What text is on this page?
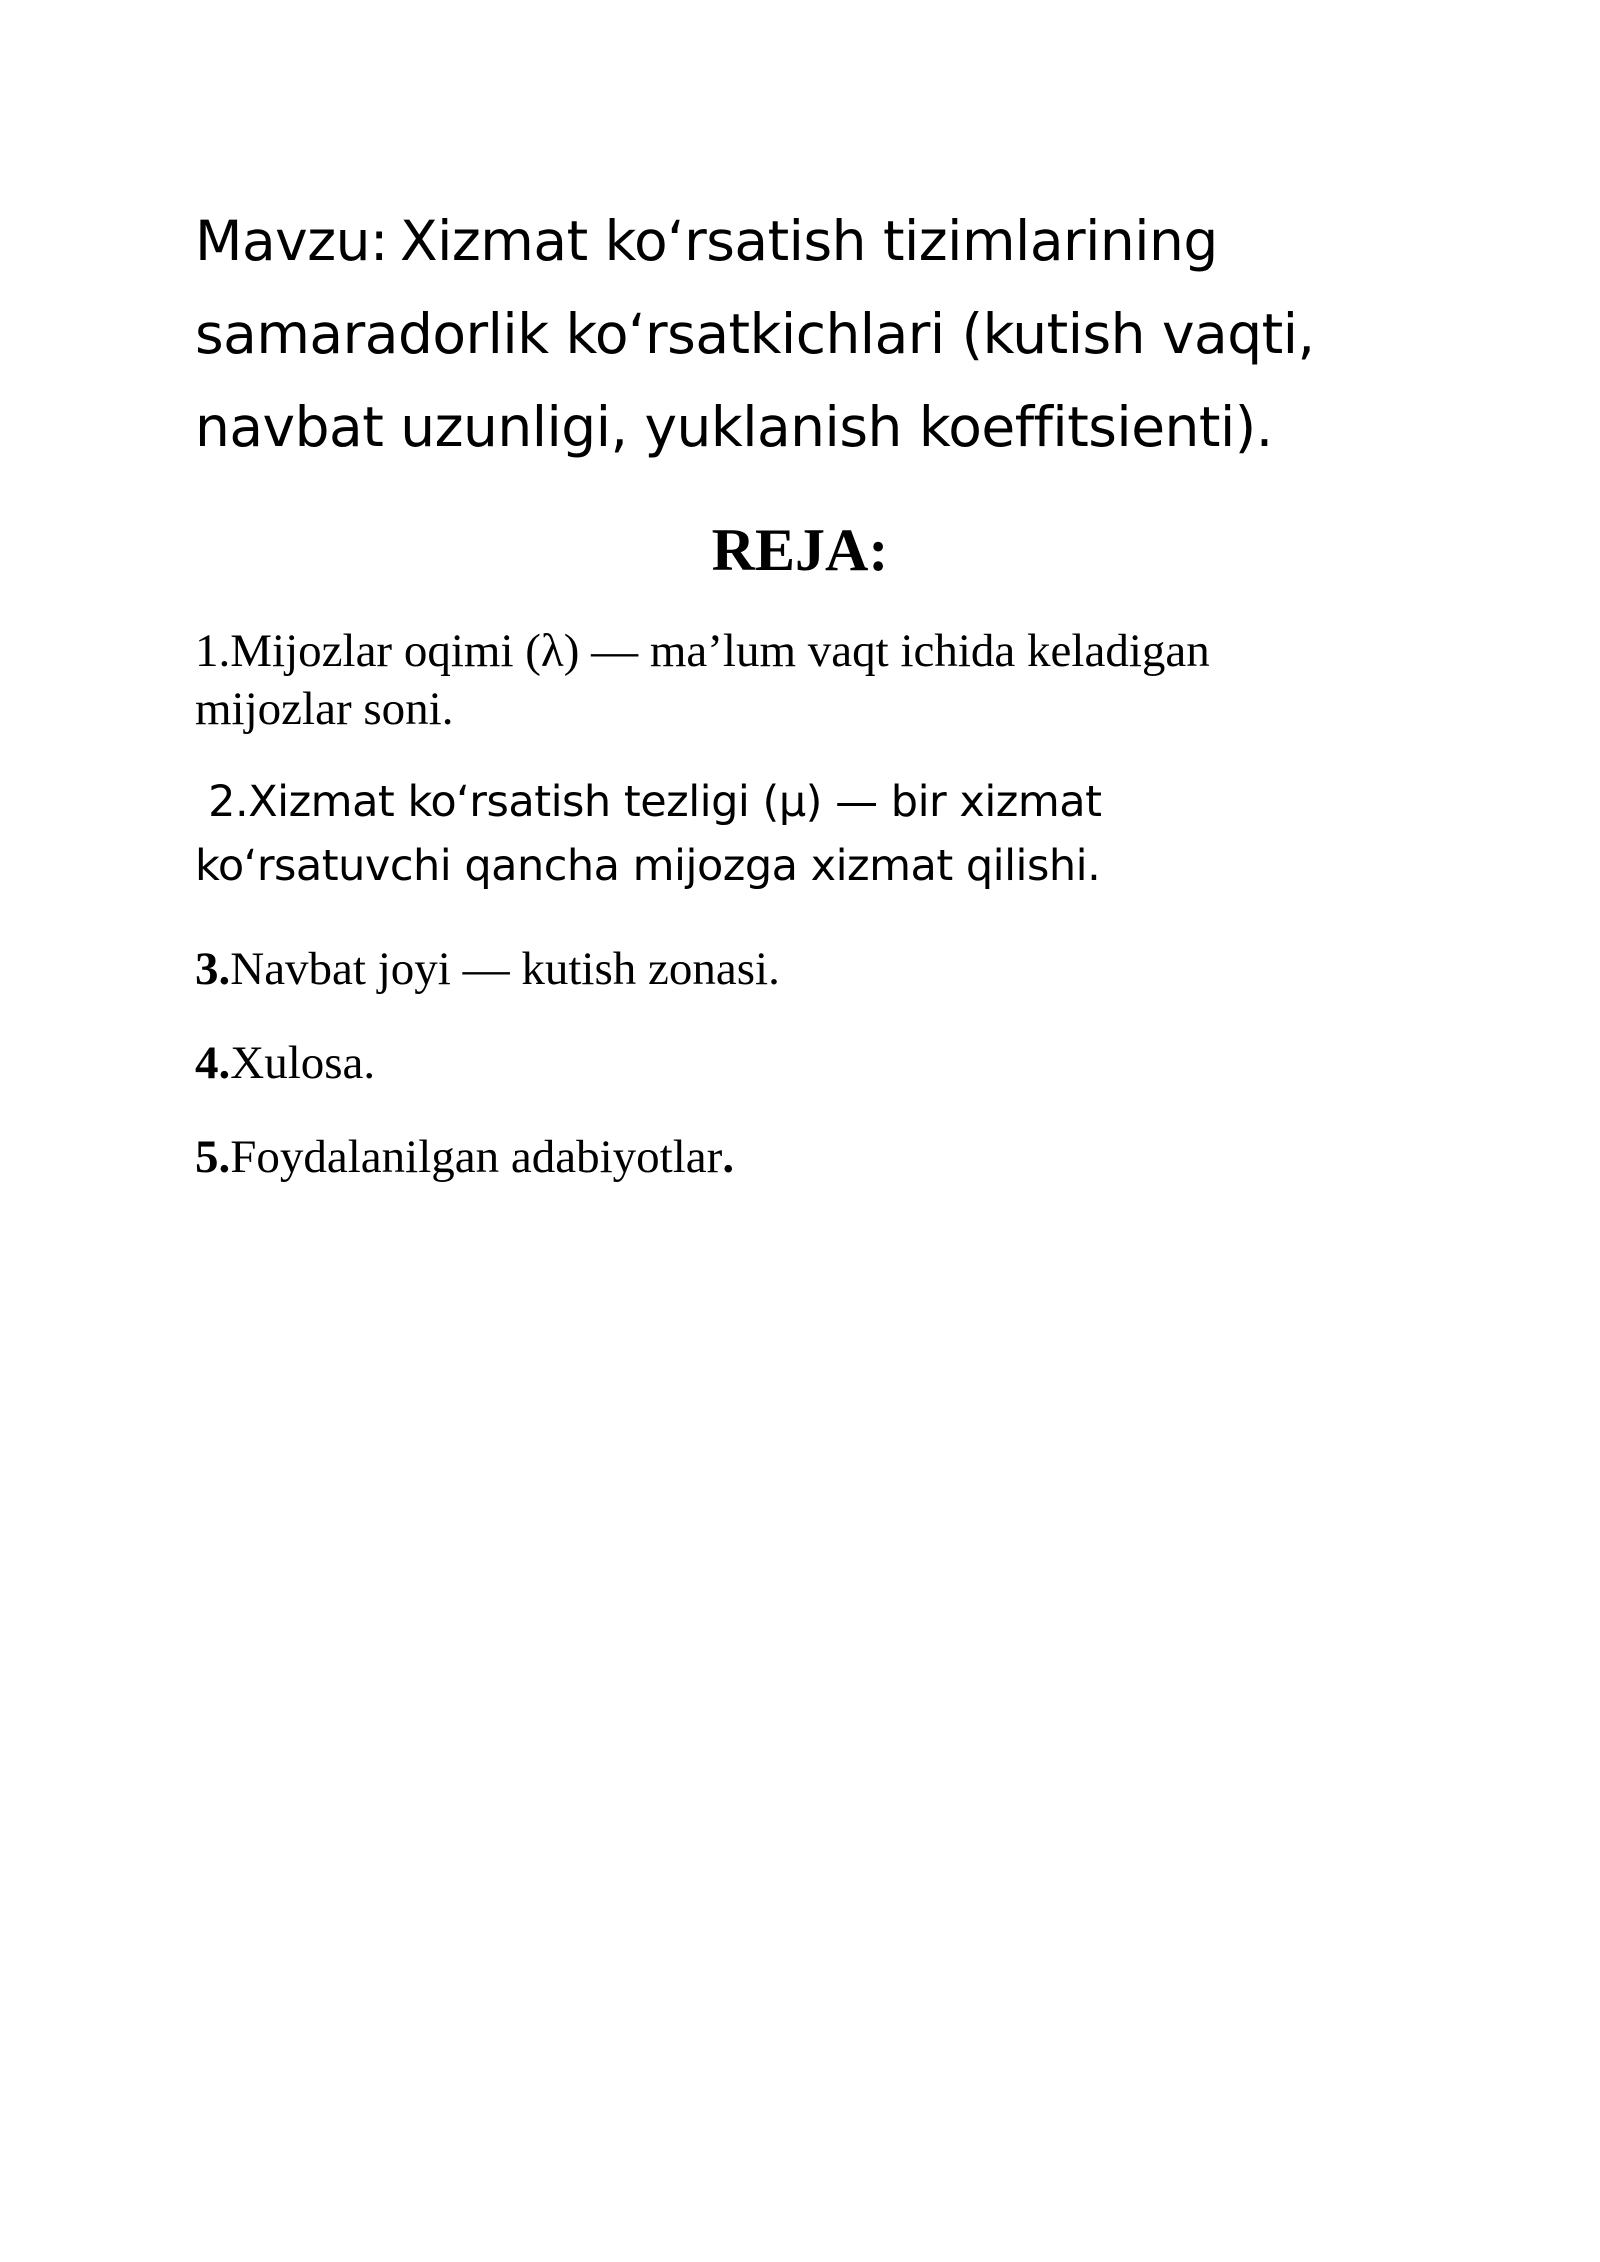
Mavzu: Xizmat ko‘rsatish tizimlarining samaradorlik ko‘rsatkichlari (kutish vaqti, navbat uzunligi, yuklanish koeffitsienti).
REJA:
1.Mijozlar oqimi (λ) — ma’lum vaqt ichida keladigan mijozlar soni.
2.Xizmat ko‘rsatish tezligi (μ) — bir xizmat ko‘rsatuvchi qancha mijozga xizmat qilishi.
3.Navbat joyi — kutish zonasi.
4.Xulosa.
5.Foydalanilgan adabiyotlar.
